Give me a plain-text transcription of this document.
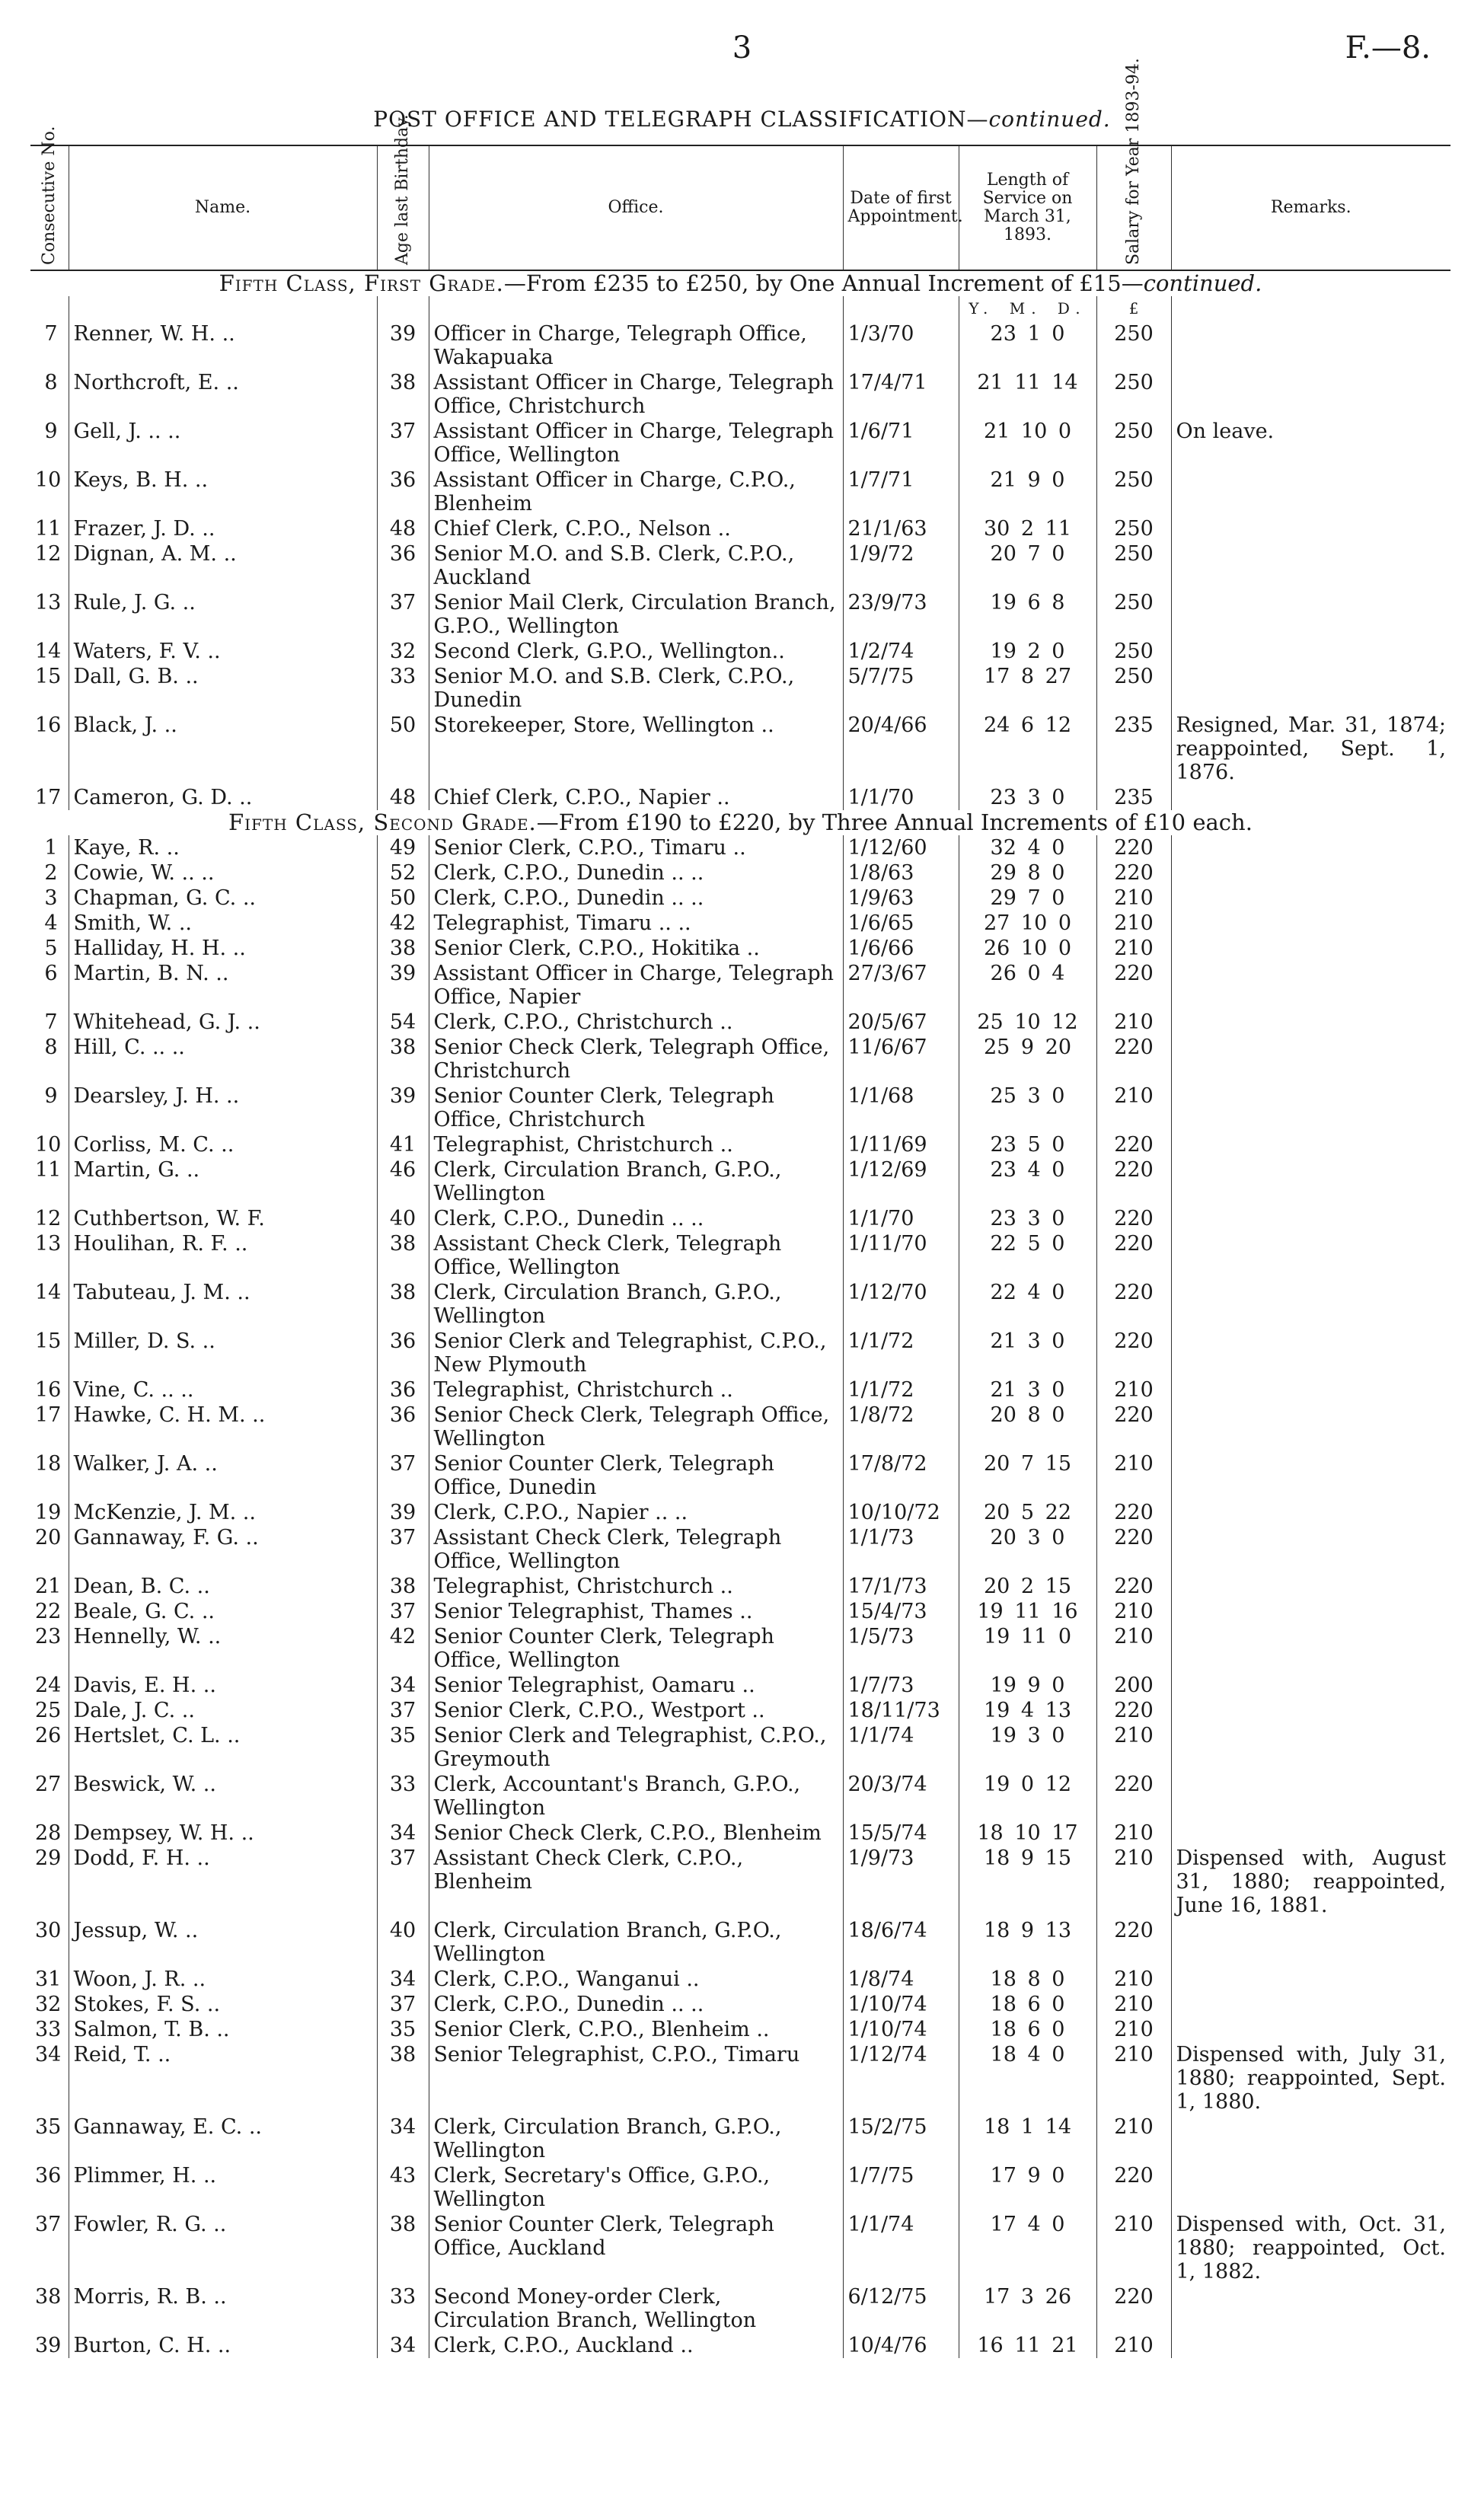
3	F.—8.
POST OFFICE AND TELEGRAPH CLASSIFICATION—continued.
Consecutive No.	Name.	Age last Birthday.	Office.	Date of first Appointment.	Length of Service on March 31, 1893.	Salary for Year 1893-94.	Remarks.
Fifth Class, First Grade.—From £235 to £250, by One Annual Increment of £15—continued.							
					Y. M. D.	£	
7	Renner, W. H. ..	39	Officer in Charge, Telegraph Office, Wakapuaka	1/3/70	23 1 0	250	
8	Northcroft, E. ..	38	Assistant Officer in Charge, Telegraph Office, Christchurch	17/4/71	21 11 14	250	
9	Gell, J. .. ..	37	Assistant Officer in Charge, Telegraph Office, Wellington	1/6/71	21 10 0	250	On leave.
10	Keys, B. H. ..	36	Assistant Officer in Charge, C.P.O., Blenheim	1/7/71	21 9 0	250	
11	Frazer, J. D. ..	48	Chief Clerk, C.P.O., Nelson ..	21/1/63	30 2 11	250	
12	Dignan, A. M. ..	36	Senior M.O. and S.B. Clerk, C.P.O., Auckland	1/9/72	20 7 0	250	
13	Rule, J. G. ..	37	Senior Mail Clerk, Circulation Branch, G.P.O., Wellington	23/9/73	19 6 8	250	
14	Waters, F. V. ..	32	Second Clerk, G.P.O., Wellington..	1/2/74	19 2 0	250	
15	Dall, G. B. ..	33	Senior M.O. and S.B. Clerk, C.P.O., Dunedin	5/7/75	17 8 27	250	
16	Black, J. ..	50	Storekeeper, Store, Wellington ..	20/4/66	24 6 12	235	Resigned, Mar. 31, 1874; reappointed, Sept. 1, 1876.
17	Cameron, G. D. ..	48	Chief Clerk, C.P.O., Napier ..	1/1/70	23 3 0	235	
Fifth Class, Second Grade.—From £190 to £220, by Three Annual Increments of £10 each.							
1	Kaye, R. ..	49	Senior Clerk, C.P.O., Timaru ..	1/12/60	32 4 0	220	
2	Cowie, W. .. ..	52	Clerk, C.P.O., Dunedin .. ..	1/8/63	29 8 0	220	
3	Chapman, G. C. ..	50	Clerk, C.P.O., Dunedin .. ..	1/9/63	29 7 0	210	
4	Smith, W. ..	42	Telegraphist, Timaru .. ..	1/6/65	27 10 0	210	
5	Halliday, H. H. ..	38	Senior Clerk, C.P.O., Hokitika ..	1/6/66	26 10 0	210	
6	Martin, B. N. ..	39	Assistant Officer in Charge, Telegraph Office, Napier	27/3/67	26 0 4	220	
7	Whitehead, G. J. ..	54	Clerk, C.P.O., Christchurch ..	20/5/67	25 10 12	210	
8	Hill, C. .. ..	38	Senior Check Clerk, Telegraph Office, Christchurch	11/6/67	25 9 20	220	
9	Dearsley, J. H. ..	39	Senior Counter Clerk, Telegraph Office, Christchurch	1/1/68	25 3 0	210	
10	Corliss, M. C. ..	41	Telegraphist, Christchurch ..	1/11/69	23 5 0	220	
11	Martin, G. ..	46	Clerk, Circulation Branch, G.P.O., Wellington	1/12/69	23 4 0	220	
12	Cuthbertson, W. F.	40	Clerk, C.P.O., Dunedin .. ..	1/1/70	23 3 0	220	
13	Houlihan, R. F. ..	38	Assistant Check Clerk, Telegraph Office, Wellington	1/11/70	22 5 0	220	
14	Tabuteau, J. M. ..	38	Clerk, Circulation Branch, G.P.O., Wellington	1/12/70	22 4 0	220	
15	Miller, D. S. ..	36	Senior Clerk and Telegraphist, C.P.O., New Plymouth	1/1/72	21 3 0	220	
16	Vine, C. .. ..	36	Telegraphist, Christchurch ..	1/1/72	21 3 0	210	
17	Hawke, C. H. M. ..	36	Senior Check Clerk, Telegraph Office, Wellington	1/8/72	20 8 0	220	
18	Walker, J. A. ..	37	Senior Counter Clerk, Telegraph Office, Dunedin	17/8/72	20 7 15	210	
19	McKenzie, J. M. ..	39	Clerk, C.P.O., Napier .. ..	10/10/72	20 5 22	220	
20	Gannaway, F. G. ..	37	Assistant Check Clerk, Telegraph Office, Wellington	1/1/73	20 3 0	220	
21	Dean, B. C. ..	38	Telegraphist, Christchurch ..	17/1/73	20 2 15	220	
22	Beale, G. C. ..	37	Senior Telegraphist, Thames ..	15/4/73	19 11 16	210	
23	Hennelly, W. ..	42	Senior Counter Clerk, Telegraph Office, Wellington	1/5/73	19 11 0	210	
24	Davis, E. H. ..	34	Senior Telegraphist, Oamaru ..	1/7/73	19 9 0	200	
25	Dale, J. C. ..	37	Senior Clerk, C.P.O., Westport ..	18/11/73	19 4 13	220	
26	Hertslet, C. L. ..	35	Senior Clerk and Telegraphist, C.P.O., Greymouth	1/1/74	19 3 0	210	
27	Beswick, W. ..	33	Clerk, Accountant's Branch, G.P.O., Wellington	20/3/74	19 0 12	220	
28	Dempsey, W. H. ..	34	Senior Check Clerk, C.P.O., Blenheim	15/5/74	18 10 17	210	
29	Dodd, F. H. ..	37	Assistant Check Clerk, C.P.O., Blenheim	1/9/73	18 9 15	210	Dispensed with, August 31, 1880; reappointed, June 16, 1881.
30	Jessup, W. ..	40	Clerk, Circulation Branch, G.P.O., Wellington	18/6/74	18 9 13	220	
31	Woon, J. R. ..	34	Clerk, C.P.O., Wanganui ..	1/8/74	18 8 0	210	
32	Stokes, F. S. ..	37	Clerk, C.P.O., Dunedin .. ..	1/10/74	18 6 0	210	
33	Salmon, T. B. ..	35	Senior Clerk, C.P.O., Blenheim ..	1/10/74	18 6 0	210	
34	Reid, T. ..	38	Senior Telegraphist, C.P.O., Timaru	1/12/74	18 4 0	210	Dispensed with, July 31, 1880; reappointed, Sept. 1, 1880.
35	Gannaway, E. C. ..	34	Clerk, Circulation Branch, G.P.O., Wellington	15/2/75	18 1 14	210	
36	Plimmer, H. ..	43	Clerk, Secretary's Office, G.P.O., Wellington	1/7/75	17 9 0	220	
37	Fowler, R. G. ..	38	Senior Counter Clerk, Telegraph Office, Auckland	1/1/74	17 4 0	210	Dispensed with, Oct. 31, 1880; reappointed, Oct. 1, 1882.
38	Morris, R. B. ..	33	Second Money-order Clerk, Circulation Branch, Wellington	6/12/75	17 3 26	220	
39	Burton, C. H. ..	34	Clerk, C.P.O., Auckland ..	10/4/76	16 11 21	210	
